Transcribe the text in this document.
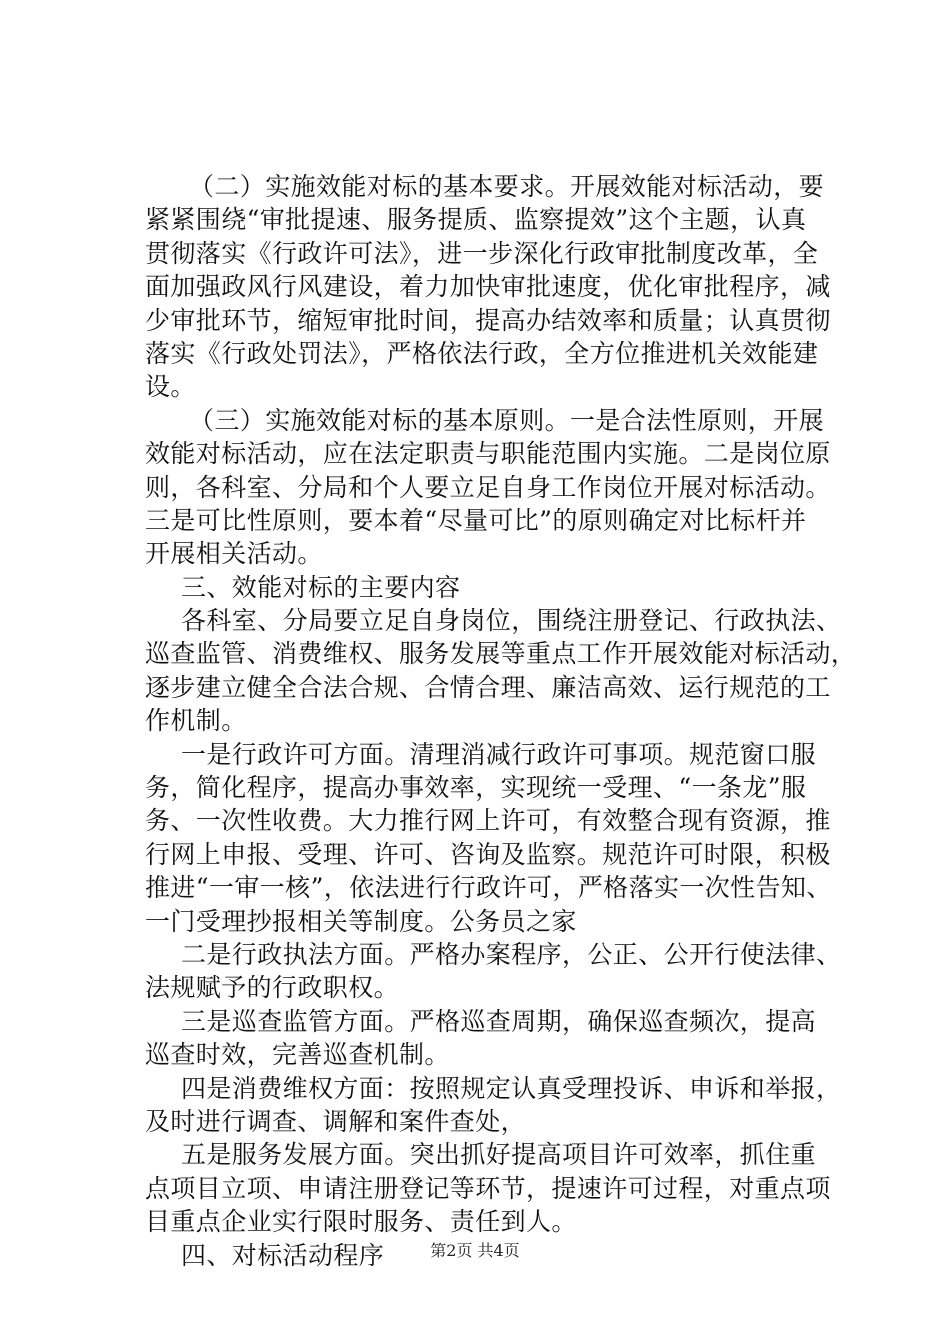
（二）实施效能对标的基本要求。开展效能对标活动，要
紧紧围绕“审批提速、服务提质、监察提效”这个主题，认真
贯彻落实《行政许可法》，进一步深化行政审批制度改革，全
面加强政风行风建设，着力加快审批速度，优化审批程序，减
少审批环节，缩短审批时间，提高办结效率和质量；认真贯彻
落实《行政处罚法》，严格依法行政，全方位推进机关效能建
设。
（三）实施效能对标的基本原则。一是合法性原则，开展
效能对标活动，应在法定职责与职能范围内实施。二是岗位原
则，各科室、分局和个人要立足自身工作岗位开展对标活动。
三是可比性原则，要本着“尽量可比”的原则确定对比标杆并
开展相关活动。
三、效能对标的主要内容
各科室、分局要立足自身岗位，围绕注册登记、行政执法、
巡查监管、消费维权、服务发展等重点工作开展效能对标活动，
逐步建立健全合法合规、合情合理、廉洁高效、运行规范的工
作机制。
一是行政许可方面。清理消减行政许可事项。规范窗口服
务，简化程序，提高办事效率，实现统一受理、“一条龙”服
务、一次性收费。大力推行网上许可，有效整合现有资源，推
行网上申报、受理、许可、咨询及监察。规范许可时限，积极
推进“一审一核”，依法进行行政许可，严格落实一次性告知、
一门受理抄报相关等制度。公务员之家
二是行政执法方面。严格办案程序，公正、公开行使法律、
法规赋予的行政职权。
三是巡查监管方面。严格巡查周期，确保巡查频次，提高
巡查时效，完善巡查机制。
四是消费维权方面：按照规定认真受理投诉、申诉和举报，
及时进行调查、调解和案件查处，
五是服务发展方面。突出抓好提高项目许可效率，抓住重
点项目立项、申请注册登记等环节，提速许可过程，对重点项
目重点企业实行限时服务、责任到人。
四、对标活动程序	第2页 共4页
